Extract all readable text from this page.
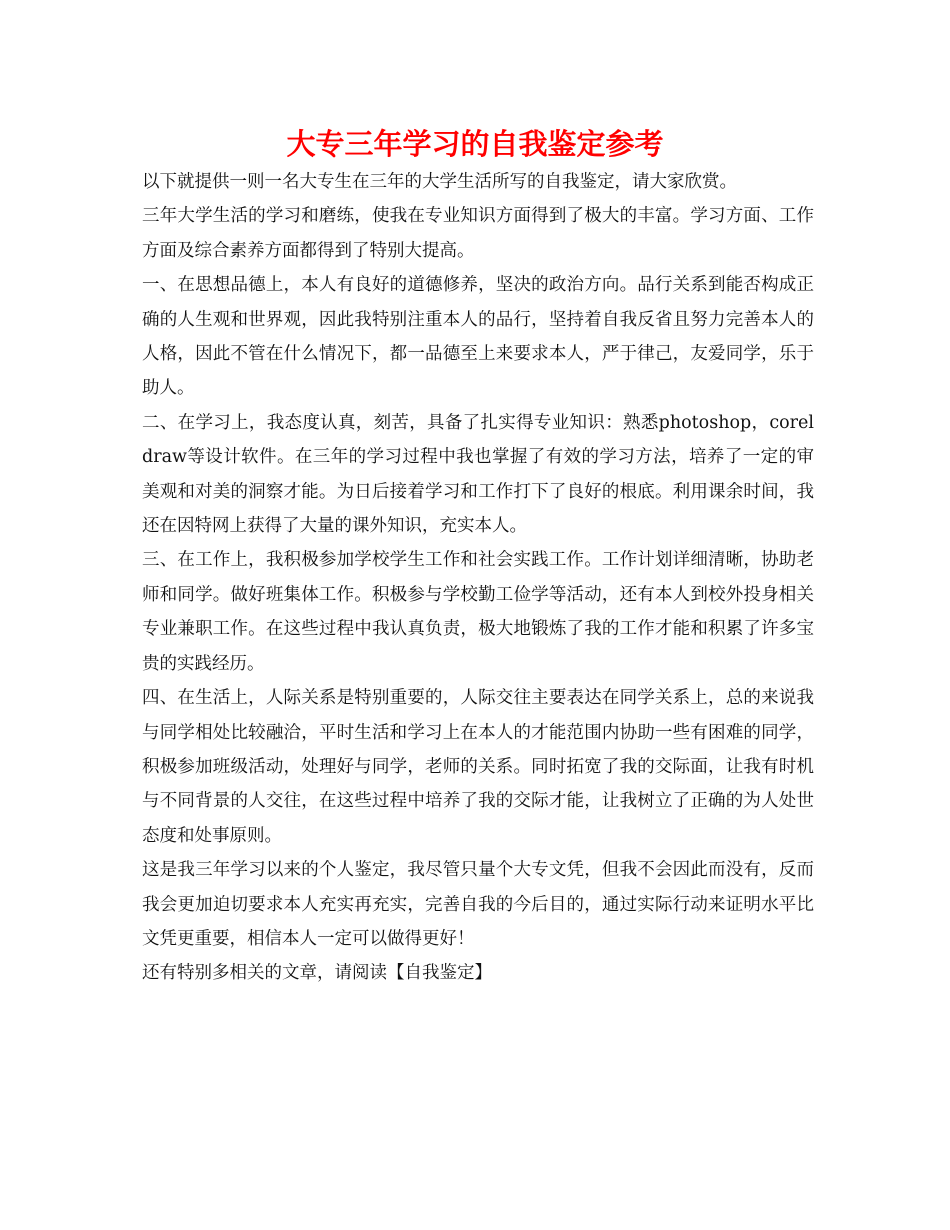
大专三年学习的自我鉴定参考

以下就提供一则一名大专生在三年的大学生活所写的自我鉴定，请大家欣赏。

三年大学生活的学习和磨练，使我在专业知识方面得到了极大的丰富。学习方面、工作方面及综合素养方面都得到了特别大提高。

一、在思想品德上，本人有良好的道德修养，坚决的政治方向。品行关系到能否构成正确的人生观和世界观，因此我特别注重本人的品行，坚持着自我反省且努力完善本人的人格，因此不管在什么情况下，都一品德至上来要求本人，严于律己，友爱同学，乐于助人。

二、在学习上，我态度认真，刻苦，具备了扎实得专业知识：熟悉photoshop，coreldraw等设计软件。在三年的学习过程中我也掌握了有效的学习方法，培养了一定的审美观和对美的洞察才能。为日后接着学习和工作打下了良好的根底。利用课余时间，我还在因特网上获得了大量的课外知识，充实本人。

三、在工作上，我积极参加学校学生工作和社会实践工作。工作计划详细清晰，协助老师和同学。做好班集体工作。积极参与学校勤工俭学等活动，还有本人到校外投身相关专业兼职工作。在这些过程中我认真负责，极大地锻炼了我的工作才能和积累了许多宝贵的实践经历。

四、在生活上，人际关系是特别重要的，人际交往主要表达在同学关系上，总的来说我与同学相处比较融洽，平时生活和学习上在本人的才能范围内协助一些有困难的同学，积极参加班级活动，处理好与同学，老师的关系。同时拓宽了我的交际面，让我有时机与不同背景的人交往，在这些过程中培养了我的交际才能，让我树立了正确的为人处世态度和处事原则。

这是我三年学习以来的个人鉴定，我尽管只量个大专文凭，但我不会因此而没有，反而我会更加迫切要求本人充实再充实，完善自我的今后目的，通过实际行动来证明水平比文凭更重要，相信本人一定可以做得更好！

还有特别多相关的文章，请阅读【自我鉴定】
